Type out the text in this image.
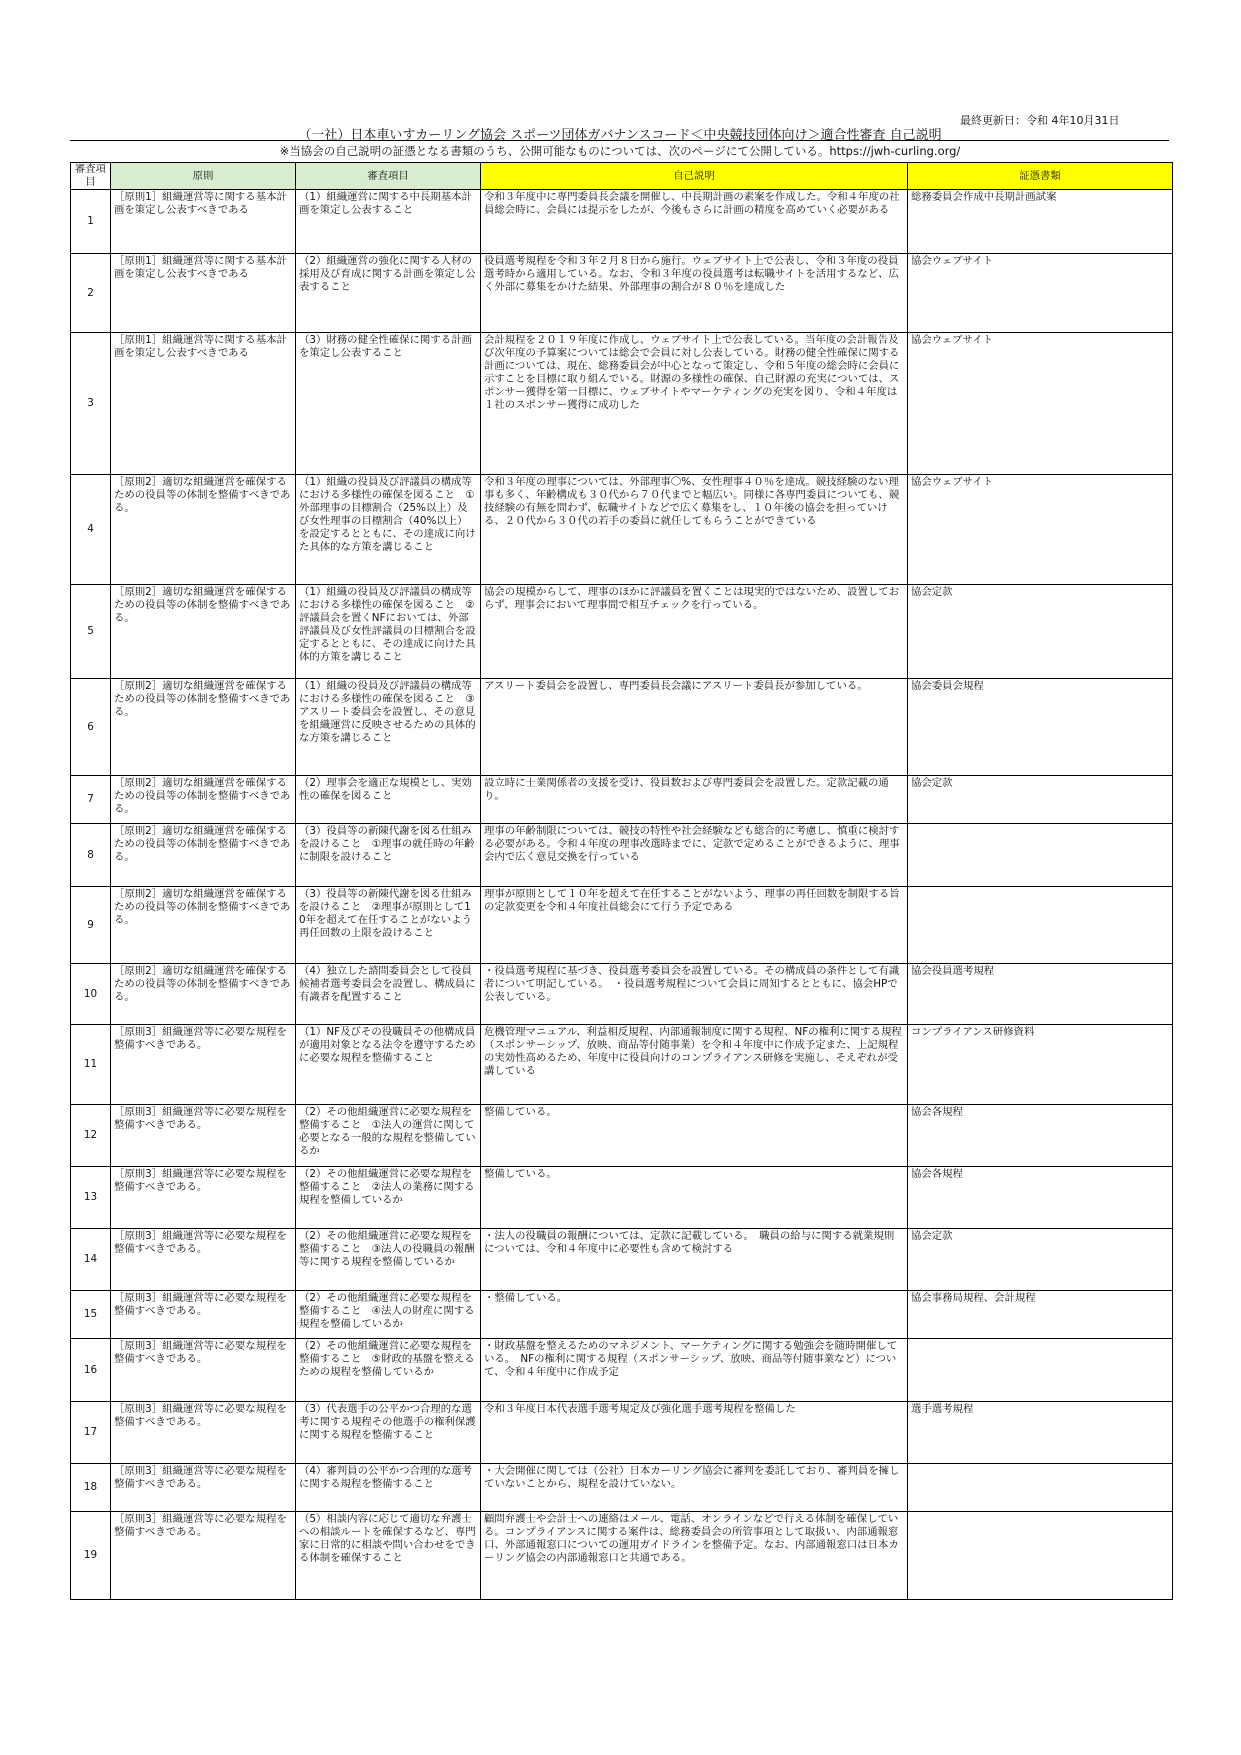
最終更新日：令和 4年10月31日
（一社）日本車いすカーリング協会 スポーツ団体ガバナンスコード＜中央競技団体向け＞適合性審査 自己説明
※当協会の自己説明の証憑となる書類のうち、公開可能なものについては、次のページにて公開している。https://jwh-curling.org/
審査項目	原則	審査項目	自己説明	証憑書類
1	［原則1］組織運営等に関する基本計画を策定し公表すべきである	（1）組織運営に関する中長期基本計画を策定し公表すること	令和３年度中に専門委員長会議を開催し、中長期計画の素案を作成した。令和４年度の社員総会時に、会員には提示をしたが、今後もさらに計画の精度を高めていく必要がある	総務委員会作成中長期計画試案
2	［原則1］組織運営等に関する基本計画を策定し公表すべきである	（2）組織運営の強化に関する人材の採用及び育成に関する計画を策定し公表すること	役員選考規程を令和３年２月８日から施行。ウェブサイト上で公表し、令和３年度の役員選考時から適用している。なお、令和３年度の役員選考は転職サイトを活用するなど、広く外部に募集をかけた結果、外部理事の割合が８０％を達成した	協会ウェブサイト
3	［原則1］組織運営等に関する基本計画を策定し公表すべきである	（3）財務の健全性確保に関する計画を策定し公表すること	会計規程を２０１９年度に作成し、ウェブサイト上で公表している。当年度の会計報告及び次年度の予算案については総会で会員に対し公表している。財務の健全性確保に関する計画については、現在、総務委員会が中心となって策定し、令和５年度の総会時に会員に示すことを目標に取り組んでいる。財源の多様性の確保、自己財源の充実については、スポンサー獲得を第一目標に、ウェブサイトやマーケティングの充実を図り、令和４年度は１社のスポンサー獲得に成功した	協会ウェブサイト
4	［原則2］適切な組織運営を確保するための役員等の体制を整備すべきである。	（1）組織の役員及び評議員の構成等における多様性の確保を図ること　①外部理事の目標割合（25%以上）及び女性理事の目標割合（40%以上）を設定するとともに、その達成に向けた具体的な方策を講じること	令和３年度の理事については、外部理事〇%、女性理事４０％を達成。競技経験のない理事も多く、年齢構成も３０代から７０代までと幅広い。同様に各専門委員についても、競技経験の有無を問わず、転職サイトなどで広く募集をし、１０年後の協会を担っていける、２０代から３０代の若手の委員に就任してもらうことができている	協会ウェブサイト
5	［原則2］適切な組織運営を確保するための役員等の体制を整備すべきである。	（1）組織の役員及び評議員の構成等における多様性の確保を図ること　②評議員会を置くNFにおいては、外部評議員及び女性評議員の目標割合を設定するとともに、その達成に向けた具体的方策を講じること	協会の規模からして、理事のほかに評議員を置くことは現実的ではないため、設置しておらず、理事会において理事間で相互チェックを行っている。	協会定款
6	［原則2］適切な組織運営を確保するための役員等の体制を整備すべきである。	（1）組織の役員及び評議員の構成等における多様性の確保を図ること　③アスリート委員会を設置し、その意見を組織運営に反映させるための具体的な方策を講じること	アスリート委員会を設置し、専門委員長会議にアスリート委員長が参加している。	協会委員会規程
7	［原則2］適切な組織運営を確保するための役員等の体制を整備すべきである。	（2）理事会を適正な規模とし、実効性の確保を図ること	設立時に士業関係者の支援を受け、役員数および専門委員会を設置した。定款記載の通り。	協会定款
8	［原則2］適切な組織運営を確保するための役員等の体制を整備すべきである。	（3）役員等の新陳代謝を図る仕組みを設けること　①理事の就任時の年齢に制限を設けること	理事の年齢制限については、競技の特性や社会経験なども総合的に考慮し、慎重に検討する必要がある。令和４年度の理事改選時までに、定款で定めることができるように、理事会内で広く意見交換を行っている	
9	［原則2］適切な組織運営を確保するための役員等の体制を整備すべきである。	（3）役員等の新陳代謝を図る仕組みを設けること　②理事が原則として10年を超えて在任することがないよう再任回数の上限を設けること	理事が原則として１０年を超えて在任することがないよう、理事の再任回数を制限する旨の定款変更を令和４年度社員総会にて行う予定である	
10	［原則2］適切な組織運営を確保するための役員等の体制を整備すべきである。	（4）独立した諮問委員会として役員候補者選考委員会を設置し、構成員に有識者を配置すること	・役員選考規程に基づき、役員選考委員会を設置している。その構成員の条件として有識者について明記している。　・役員選考規程について会員に周知するとともに、協会HPで公表している。	協会役員選考規程
11	［原則3］組織運営等に必要な規程を整備すべきである。	（1）NF及びその役職員その他構成員が適用対象となる法令を遵守するために必要な規程を整備すること	危機管理マニュアル、利益相反規程、内部通報制度に関する規程、NFの権利に関する規程（スポンサーシップ、放映、商品等付随事業）を令和４年度中に作成予定また、上記規程の実効性高めるため、年度中に役員向けのコンプライアンス研修を実施し、そえぞれが受講している	コンプライアンス研修資料
12	［原則3］組織運営等に必要な規程を整備すべきである。	（2）その他組織運営に必要な規程を整備すること　①法人の運営に関して必要となる一般的な規程を整備しているか	整備している。	協会各規程
13	［原則3］組織運営等に必要な規程を整備すべきである。	（2）その他組織運営に必要な規程を整備すること　②法人の業務に関する規程を整備しているか	整備している。	協会各規程
14	［原則3］組織運営等に必要な規程を整備すべきである。	（2）その他組織運営に必要な規程を整備すること　③法人の役職員の報酬等に関する規程を整備しているか	・法人の役職員の報酬については、定款に記載している。　職員の給与に関する就業規則については、令和４年度中に必要性も含めて検討する	協会定款
15	［原則3］組織運営等に必要な規程を整備すべきである。	（2）その他組織運営に必要な規程を整備すること　④法人の財産に関する規程を整備しているか	・整備している。	協会事務局規程、会計規程
16	［原則3］組織運営等に必要な規程を整備すべきである。	（2）その他組織運営に必要な規程を整備すること　⑤財政的基盤を整えるための規程を整備しているか	・財政基盤を整えるためのマネジメント、マーケティングに関する勉強会を随時開催している。　NFの権利に関する規程（スポンサーシップ、放映、商品等付随事業など）について、令和４年度中に作成予定	
17	［原則3］組織運営等に必要な規程を整備すべきである。	（3）代表選手の公平かつ合理的な選考に関する規程その他選手の権利保護に関する規程を整備すること	令和３年度日本代表選手選考規定及び強化選手選考規程を整備した	選手選考規程
18	［原則3］組織運営等に必要な規程を整備すべきである。	（4）審判員の公平かつ合理的な選考に関する規程を整備すること	・大会開催に関しては（公社）日本カーリング協会に審判を委託しており、審判員を擁していないことから、規程を設けていない。	
19	［原則3］組織運営等に必要な規程を整備すべきである。	（5）相談内容に応じて適切な弁護士への相談ルートを確保するなど、専門家に日常的に相談や問い合わせをできる体制を確保すること	顧問弁護士や会計士への連絡はメール、電話、オンラインなどで行える体制を確保している。コンプライアンスに関する案件は、総務委員会の所管事項として取扱い、内部通報窓口、外部通報窓口についての運用ガイドラインを整備予定。なお、内部通報窓口は日本カーリング協会の内部通報窓口と共通である。	
